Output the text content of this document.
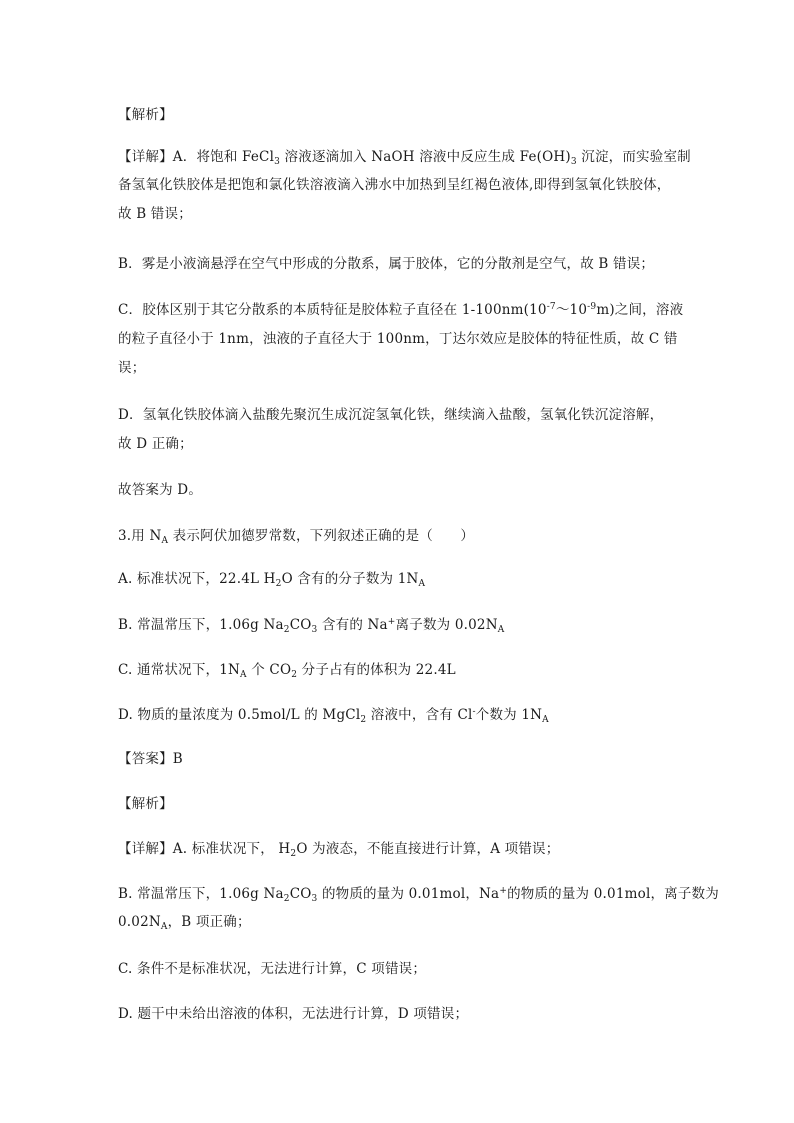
【解析】
【详解】A．将饱和 FeCl$_3$ 溶液逐滴加入 NaOH 溶液中反应生成 $Fe(OH)_3$ 沉淀，而实验室制
备氢氧化铁胶体是把饱和氯化铁溶液滴入沸水中加热到呈红褐色液体,即得到氢氧化铁胶体，
故 B 错误；
B．雾是小液滴悬浮在空气中形成的分散系，属于胶体，它的分散剂是空气，故 B 错误；
C．胶体区别于其它分散系的本质特征是胶体粒子直径在 $1-100nm(10^{-7}\sim 10^{-9}m)$之间，溶液
的粒子直径小于 1nm，浊液的子直径大于 100nm，丁达尔效应是胶体的特征性质，故 C 错
误；
D．氢氧化铁胶体滴入盐酸先聚沉生成沉淀氢氧化铁，继续滴入盐酸，氢氧化铁沉淀溶解，
故 D 正确；
故答案为 D。
3.用 $N_A$ 表示阿伏加德罗常数，下列叙述正确的是（　　）
A. 标准状况下，22.4L $H_2O$ 含有的分子数为 $1N_A$
B. 常温常压下，1.06g $Na_2CO_3$ 含有的 Na+离子数为 $0.02N_A$
C. 通常状况下，$1N_A$ 个 $CO_2$ 分子占有的体积为 22.4L
D. 物质的量浓度为 0.5mol/L 的 MgCl$_2$ 溶液中，含有 Cl-个数为 $1N_A$
【答案】B
【解析】
【详解】A. 标准状况下， $H_2O$ 为液态，不能直接进行计算，A 项错误；
B. 常温常压下，1.06g $Na_2CO_3$ 的物质的量为 0.01mol，Na+的物质的量为 0.01mol，离子数为
$0.02N_A$，B 项正确；
C. 条件不是标准状况，无法进行计算，C 项错误；
D. 题干中未给出溶液的体积，无法进行计算，D 项错误；
